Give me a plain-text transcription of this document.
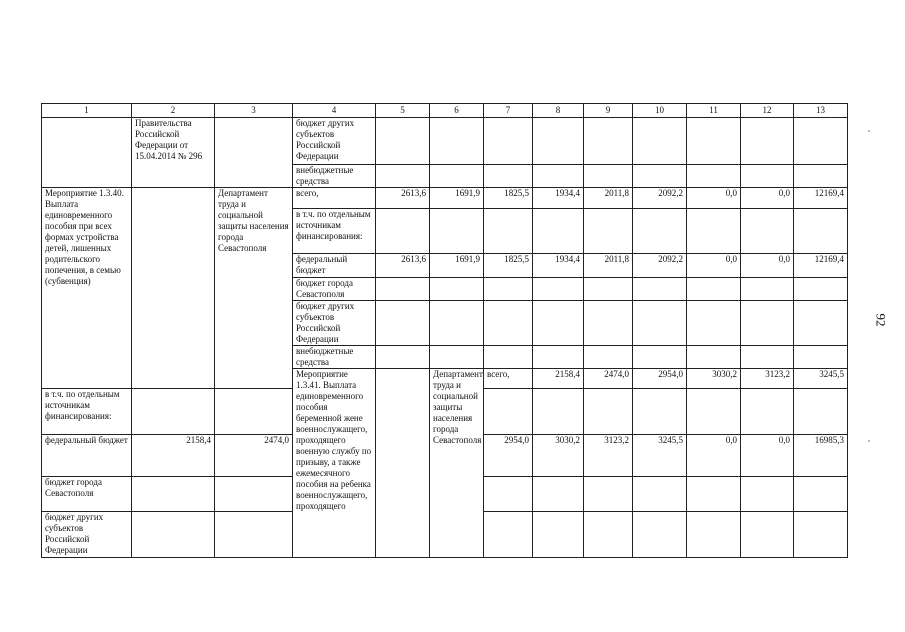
1	2	3	4	5	6	7	8	9	10	11	12	13	
	Правительства Российской Федерации от 15.04.2014 № 296		бюджет других субъектов Российской Федерации										
			внебюджетные средства										
Мероприятие 1.3.40. Выплата единовременного пособия при всех формах устройства детей, лишенных родительского попечения, в семью (субвенция)		Департамент труда и социальной защиты населения города Севастополя	всего,	2613,6	1691,9	1825,5	1934,4	2011,8	2092,2	0,0	0,0	12169,4	
			в т.ч. по отдельным источникам финансирования:										
			федеральный бюджет	2613,6	1691,9	1825,5	1934,4	2011,8	2092,2	0,0	0,0	12169,4	
			бюджет города Севастополя										
			бюджет других субъектов Российской Федерации										
			внебюджетные средства										
			Мероприятие 1.3.41. Выплата единовременного пособия беременной жене военнослужащего, проходящего военную службу по призыву, а также ежемесячного пособия на ребенка военнослужащего, проходящего		Департамент труда и социальной защиты населения города Севастополя	всего,	2158,4	2474,0	2954,0	3030,2	3123,2	3245,5			
в т.ч. по отдельным источникам финансирования:													
федеральный бюджет	2158,4	2474,0				2954,0	3030,2	3123,2	3245,5	0,0	0,0	16985,3	
бюджет города Севастополя													
бюджет других субъектов Российской Федерации													
92
